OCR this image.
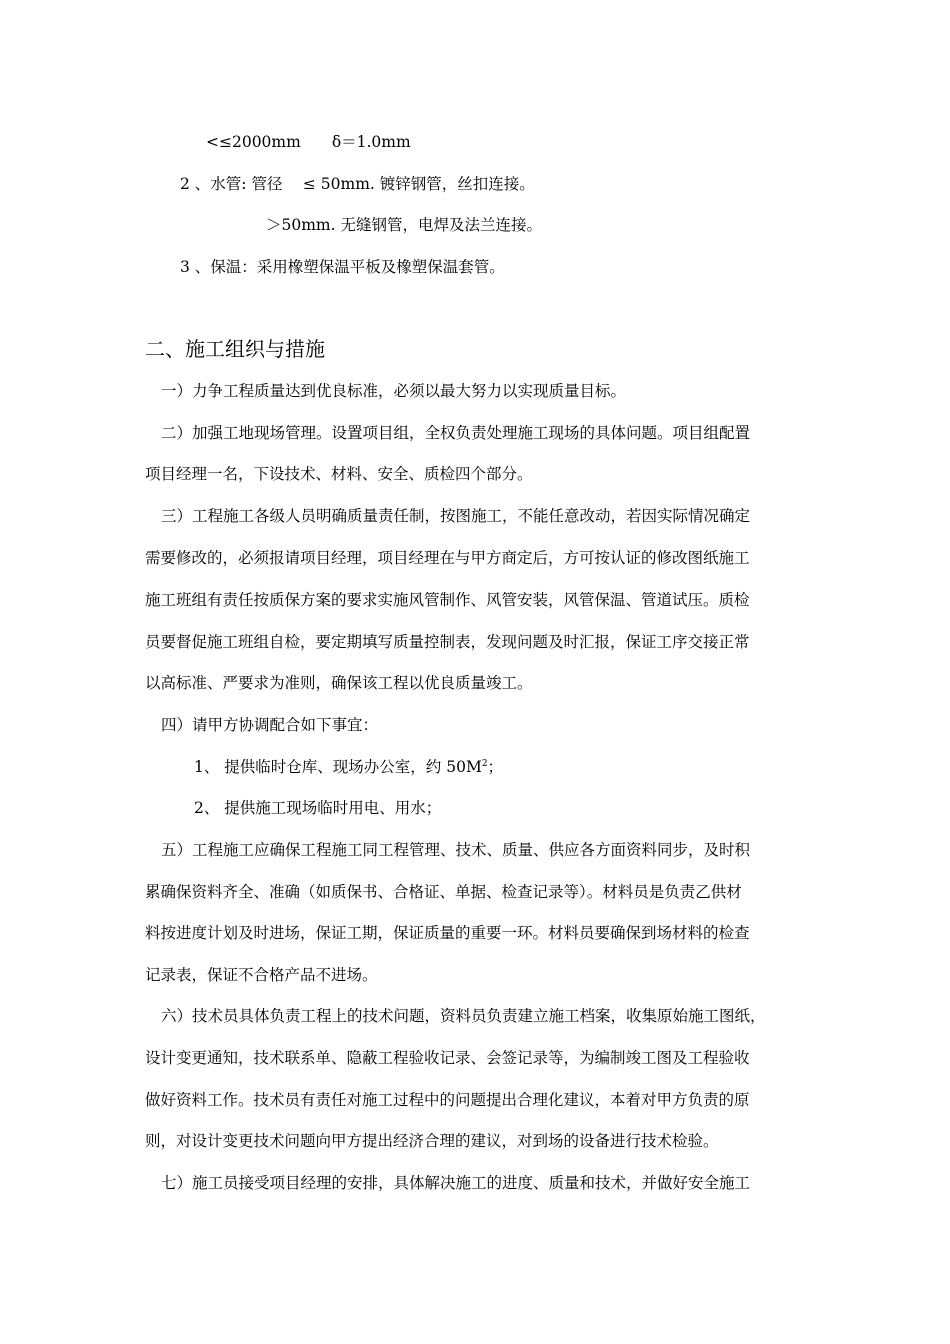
<≤2000mm　　δ＝1.0mm
2 、水管: 管径　 ≤ 50mm. 镀锌钢管，丝扣连接。
＞50mm. 无缝钢管，电焊及法兰连接。
3 、保温：采用橡塑保温平板及橡塑保温套管。
二、施工组织与措施
一）力争工程质量达到优良标准，必须以最大努力以实现质量目标。
二）加强工地现场管理。设置项目组，全权负责处理施工现场的具体问题。项目组配置
项目经理一名，下设技术、材料、安全、质检四个部分。
三）工程施工各级人员明确质量责任制，按图施工，不能任意改动，若因实际情况确定
需要修改的，必须报请项目经理，项目经理在与甲方商定后，方可按认证的修改图纸施工
施工班组有责任按质保方案的要求实施风管制作、风管安装，风管保温、管道试压。质检
员要督促施工班组自检，要定期填写质量控制表，发现问题及时汇报，保证工序交接正常
以高标准、严要求为准则，确保该工程以优良质量竣工。
四）请甲方协调配合如下事宜：
1、 提供临时仓库、现场办公室，约 $50M^2$；
2、 提供施工现场临时用电、用水；
五）工程施工应确保工程施工同工程管理、技术、质量、供应各方面资料同步，及时积
累确保资料齐全、准确（如质保书、合格证、单据、检查记录等）。材料员是负责乙供材
料按进度计划及时进场，保证工期，保证质量的重要一环。材料员要确保到场材料的检查
记录表，保证不合格产品不进场。
六）技术员具体负责工程上的技术问题，资料员负责建立施工档案，收集原始施工图纸，
设计变更通知，技术联系单、隐蔽工程验收记录、会签记录等，为编制竣工图及工程验收
做好资料工作。技术员有责任对施工过程中的问题提出合理化建议，本着对甲方负责的原
则，对设计变更技术问题向甲方提出经济合理的建议，对到场的设备进行技术检验。
七）施工员接受项目经理的安排，具体解决施工的进度、质量和技术，并做好安全施工
